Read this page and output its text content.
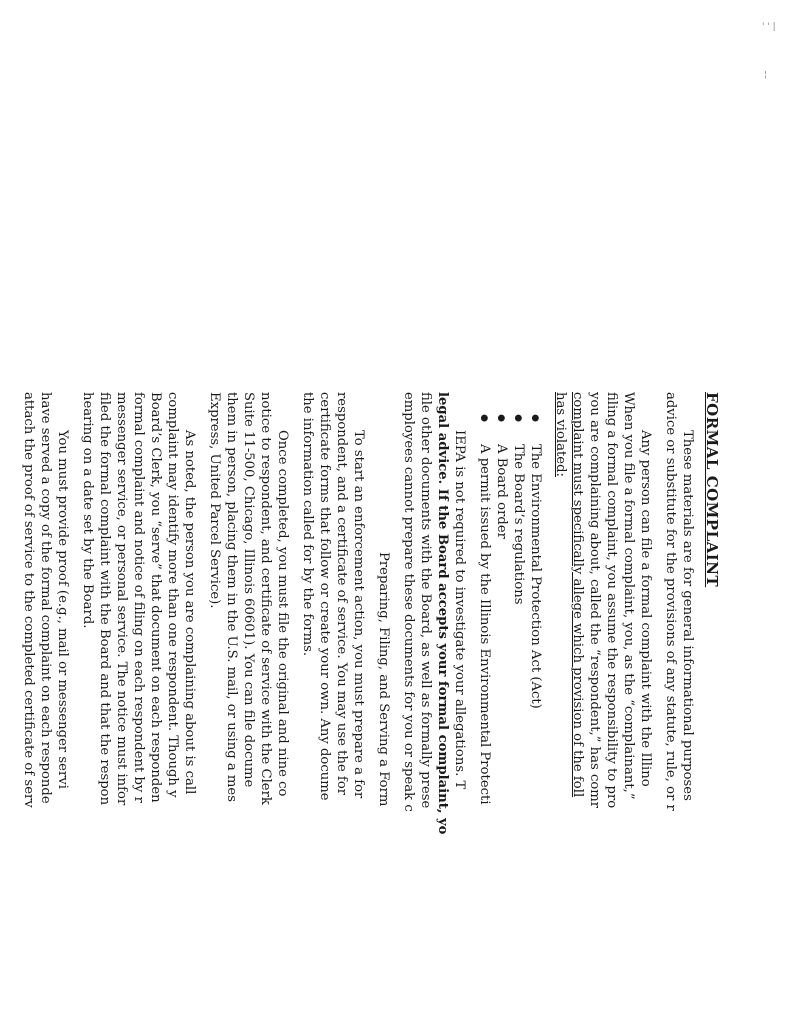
' ' |
¦
FORMAL COMPLAINT
These materials are for general informational purposes
advice or substitute for the provisions of any statute, rule, or r
Any person can file a formal complaint with the Illino
When you file a formal complaint, you, as the “complainant,”
filing a formal complaint, you assume the responsibility to pro
you are complaining about, called the “respondent,” has comr
complaint must specifically allege which provision of the foll
has violated:
●
The Environmental Protection Act (Act)
●
The Board’s regulations
●
A Board order
●
A permit issued by the Illinois Environmental Protecti
IEPA is not required to investigate your allegations. T
legal advice. If the Board accepts your formal complaint, yo
file other documents with the Board, as well as formally prese
employees cannot prepare these documents for you or speak c
Preparing, Filing, and Serving a Form
To start an enforcement action, you must prepare a for
respondent, and a certificate of service. You may use the for
certificate forms that follow or create your own. Any docume
the information called for by the forms.
Once completed, you must file the original and nine co
notice to respondent, and certificate of service with the Clerk
Suite 11-500, Chicago, Illinois 60601). You can file docume
them in person, placing them in the U.S. mail, or using a mes
Express, United Parcel Service).
As noted, the person you are complaining about is call
complaint may identify more than one respondent. Though y
Board’s Clerk, you “serve” that document on each responden
formal complaint and notice of filing on each respondent by r
messenger service, or personal service. The notice must infor
filed the formal complaint with the Board and that the respon
hearing on a date set by the Board.
You must provide proof (e.g., mail or messenger servi
have served a copy of the formal complaint on each responde
attach the proof of service to the completed certificate of serv
